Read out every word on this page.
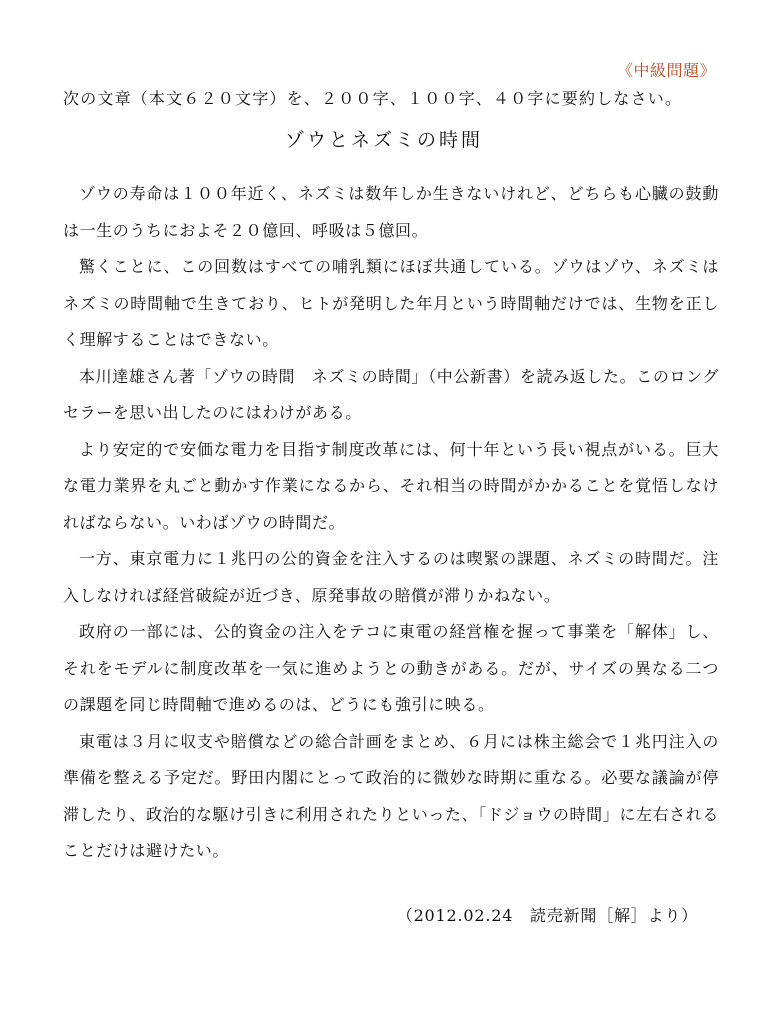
《中級問題》
次の文章（本文６２０文字）を、２００字、１００字、４０字に要約しなさい。
ゾウとネズミの時間

ゾウの寿命は１００年近く、ネズミは数年しか生きないけれど、どちらも心臓の鼓動は一生のうちにおよそ２０億回、呼吸は５億回。

驚くことに、この回数はすべての哺乳類にほぼ共通している。ゾウはゾウ、ネズミはネズミの時間軸で生きており、ヒトが発明した年月という時間軸だけでは、生物を正しく理解することはできない。

本川達雄さん著「ゾウの時間　ネズミの時間」（中公新書）を読み返した。このロングセラーを思い出したのにはわけがある。

より安定的で安価な電力を目指す制度改革には、何十年という長い視点がいる。巨大な電力業界を丸ごと動かす作業になるから、それ相当の時間がかかることを覚悟しなければならない。いわばゾウの時間だ。

一方、東京電力に１兆円の公的資金を注入するのは喫緊の課題、ネズミの時間だ。注入しなければ経営破綻が近づき、原発事故の賠償が滞りかねない。

政府の一部には、公的資金の注入をテコに東電の経営権を握って事業を「解体」し、それをモデルに制度改革を一気に進めようとの動きがある。だが、サイズの異なる二つの課題を同じ時間軸で進めるのは、どうにも強引に映る。

東電は３月に収支や賠償などの総合計画をまとめ、６月には株主総会で１兆円注入の準備を整える予定だ。野田内閣にとって政治的に微妙な時期に重なる。必要な議論が停滞したり、政治的な駆け引きに利用されたりといった、「ドジョウの時間」に左右されることだけは避けたい。

（2012.02.24　読売新聞［解］より）
